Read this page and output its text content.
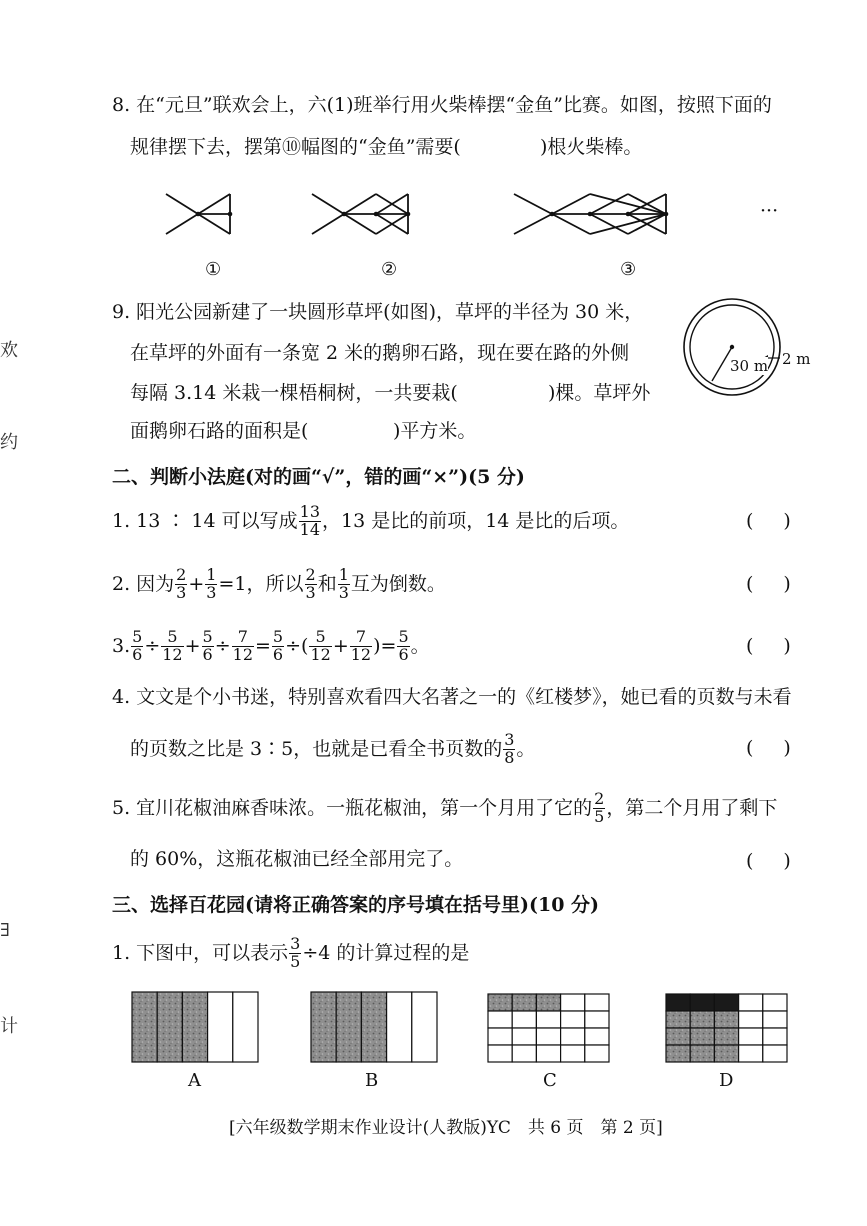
欢
约
∃
计
8. 在“元旦”联欢会上，六(1)班举行用火柴棒摆“金鱼”比赛。如图，按照下面的
规律摆下去，摆第⑩幅图的“金鱼”需要(	)根火柴棒。
···
①	②	③
9. 阳光公园新建了一块圆形草坪(如图)，草坪的半径为 30 米，
在草坪的外面有一条宽 2 米的鹅卵石路，现在要在路的外侧
每隔 3.14 米栽一棵梧桐树，一共要栽(	)棵。草坪外
面鹅卵石路的面积是(	)平方米。
30 m 2 m
二、判断小法庭(对的画“√”，错的画“×”)(5 分)
1. 13 ∶ 14 可以写成 $\frac{13}{14}$ ，13 是比的前项，14 是比的后项。	()
2. 因为 $\frac{2}{3} + \frac{1}{3} = 1$ ，所以 $\frac{2}{3}$ 和 $\frac{1}{3}$ 互为倒数。	()
3. $\frac{5}{6} \div \frac{5}{12} + \frac{5}{6} \div \frac{7}{12} = \frac{5}{6}$ ÷ ( $\frac{5}{12} + \frac{7}{12}$ ) = $\frac{5}{6}$ 。	()
4. 文文是个小书迷，特别喜欢看四大名著之一的《红楼梦》，她已看的页数与未看
的页数之比是 3∶5，也就是已看全书页数的 $\frac{3}{8}$ 。	()
5. 宜川花椒油麻香味浓。一瓶花椒油，第一个月用了它的 $\frac{2}{5}$ ，第二个月用了剩下
的 60%，这瓶花椒油已经全部用完了。	()
三、选择百花园(请将正确答案的序号填在括号里)(10 分)
1. 下图中，可以表示 $\frac{3}{5} \div 4$ 的计算过程的是
A	B	C	D
[六年级数学期末作业设计(人教版)YC　共 6 页　第 2 页]
